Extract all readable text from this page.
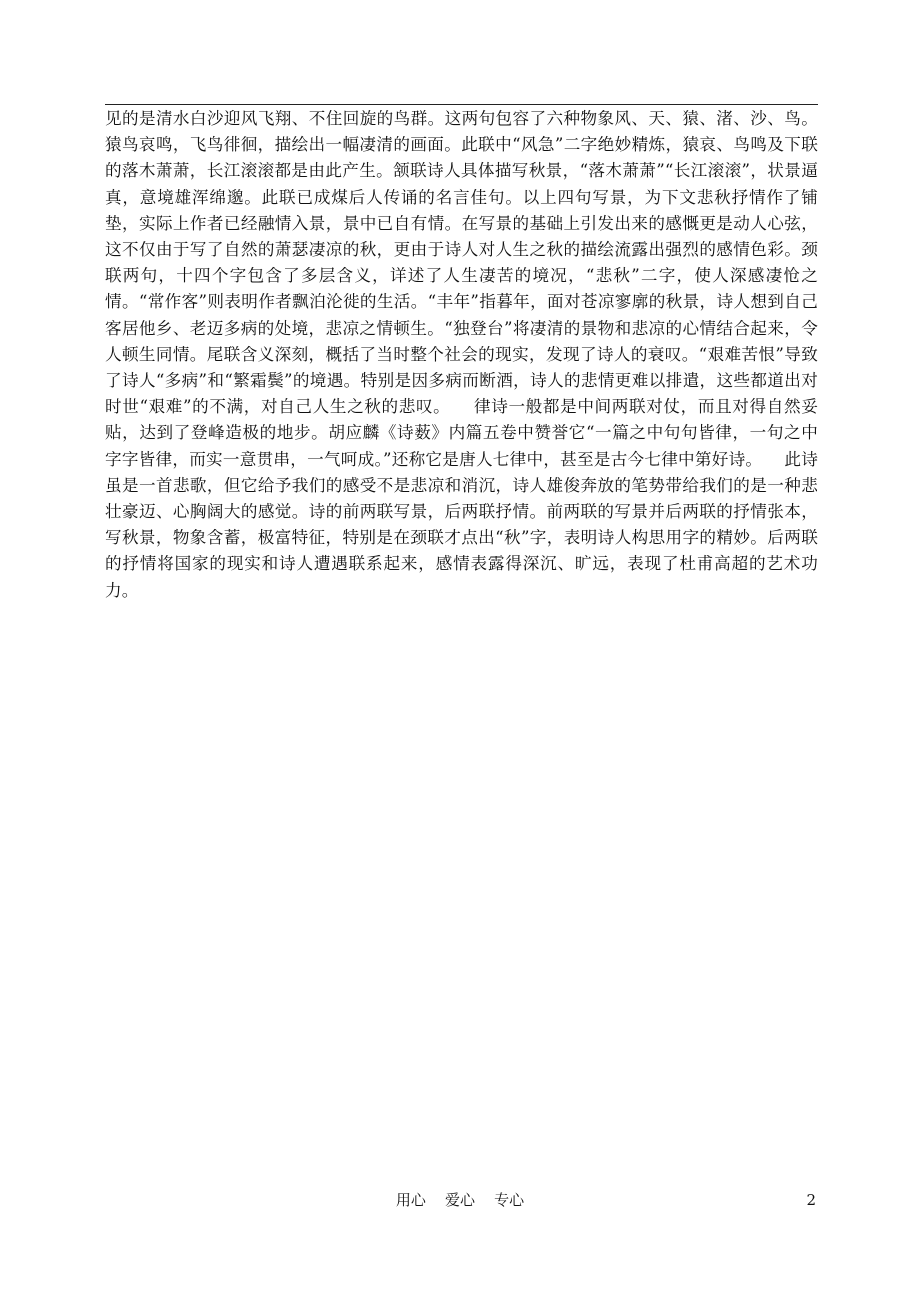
见的是清水白沙迎风飞翔、不住回旋的鸟群。这两句包容了六种物象风、天、猿、渚、沙、鸟。猿鸟哀鸣，飞鸟徘徊，描绘出一幅凄清的画面。此联中“风急”二字绝妙精炼，猿哀、鸟鸣及下联的落木萧萧，长江滚滚都是由此产生。颔联诗人具体描写秋景，“落木萧萧”“长江滚滚”，状景逼真，意境雄浑绵邈。此联已成煤后人传诵的名言佳句。以上四句写景，为下文悲秋抒情作了铺垫，实际上作者已经融情入景，景中已自有情。在写景的基础上引发出来的感慨更是动人心弦，这不仅由于写了自然的萧瑟凄凉的秋，更由于诗人对人生之秋的描绘流露出强烈的感情色彩。颈联两句，十四个字包含了多层含义，详述了人生凄苦的境况，“悲秋”二字，使人深感凄怆之情。“常作客”则表明作者飘泊沦徙的生活。“丰年”指暮年，面对苍凉寥廓的秋景，诗人想到自己客居他乡、老迈多病的处境，悲凉之情顿生。“独登台”将凄清的景物和悲凉的心情结合起来，令人顿生同情。尾联含义深刻，概括了当时整个社会的现实，发现了诗人的衰叹。“艰难苦恨”导致了诗人“多病”和“繁霜鬓”的境遇。特别是因多病而断酒，诗人的悲情更难以排遣，这些都道出对时世“艰难”的不满，对自己人生之秋的悲叹。    律诗一般都是中间两联对仗，而且对得自然妥贴，达到了登峰造极的地步。胡应麟《诗薮》内篇五卷中赞誉它“一篇之中句句皆律，一句之中字字皆律，而实一意贯串，一气呵成。”还称它是唐人七律中，甚至是古今七律中第好诗。    此诗虽是一首悲歌，但它给予我们的感受不是悲凉和消沉，诗人雄俊奔放的笔势带给我们的是一种悲壮豪迈、心胸阔大的感觉。诗的前两联写景，后两联抒情。前两联的写景并后两联的抒情张本，写秋景，物象含蓄，极富特征，特别是在颈联才点出“秋”字，表明诗人构思用字的精妙。后两联的抒情将国家的现实和诗人遭遇联系起来，感情表露得深沉、旷远，表现了杜甫高超的艺术功力。

用心    爱心    专心	2
